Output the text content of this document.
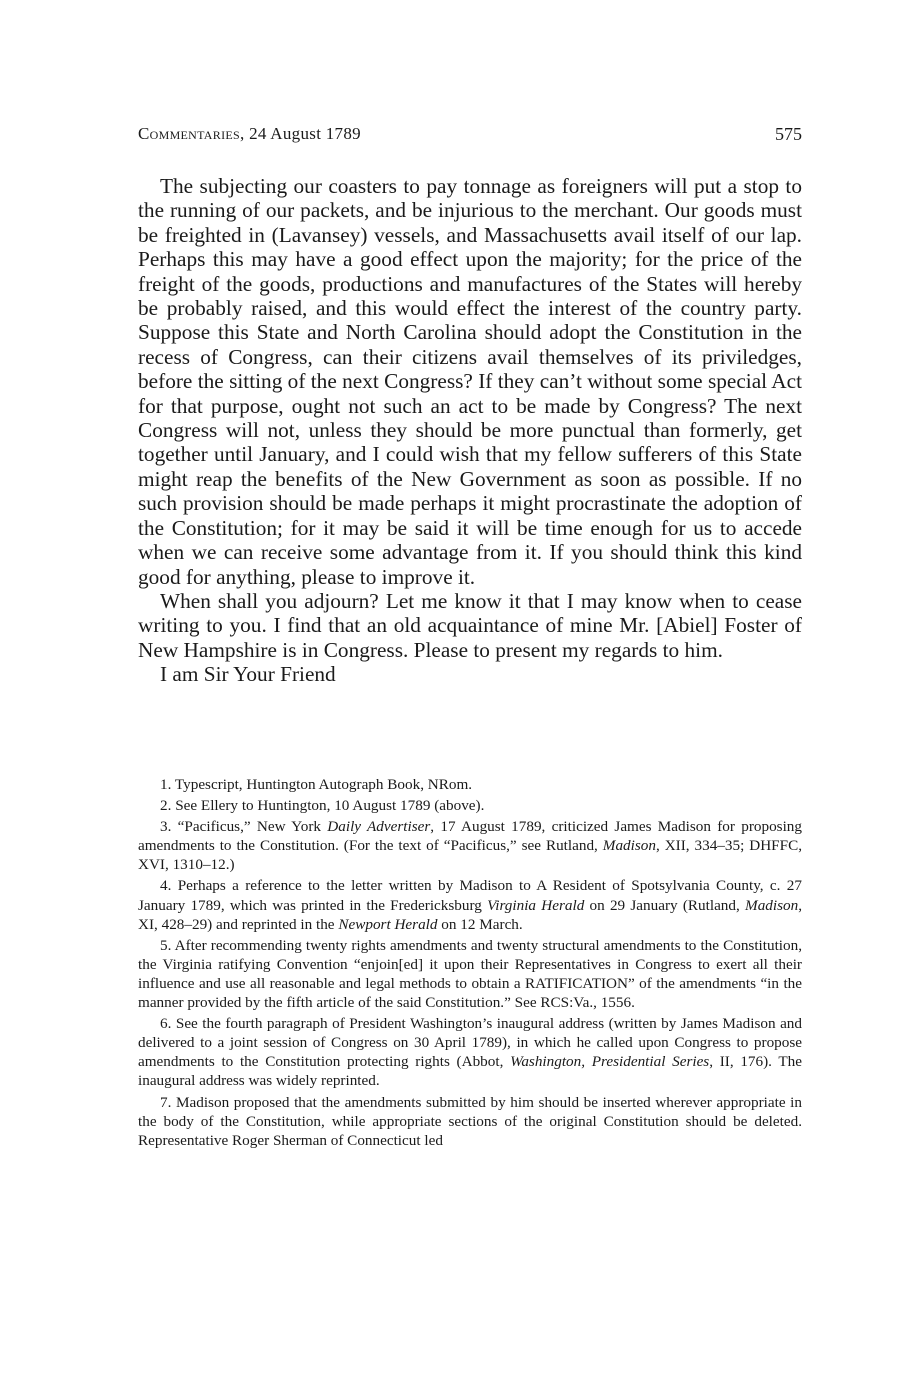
Commentaries, 24 August 1789	575

The subjecting our coasters to pay tonnage as foreigners will put a stop to the running of our packets, and be injurious to the merchant. Our goods must be freighted in (Lavansey) vessels, and Massachusetts avail itself of our lap. Perhaps this may have a good effect upon the majority; for the price of the freight of the goods, productions and manufactures of the States will hereby be probably raised, and this would effect the interest of the country party. Suppose this State and North Carolina should adopt the Constitution in the recess of Congress, can their citizens avail themselves of its priviledges, before the sitting of the next Congress? If they can’t without some special Act for that purpose, ought not such an act to be made by Congress? The next Congress will not, unless they should be more punctual than formerly, get together until January, and I could wish that my fellow sufferers of this State might reap the benefits of the New Government as soon as possible. If no such provision should be made perhaps it might procrastinate the adoption of the Constitution; for it may be said it will be time enough for us to accede when we can receive some advantage from it. If you should think this kind good for anything, please to improve it.

When shall you adjourn? Let me know it that I may know when to cease writing to you. I find that an old acquaintance of mine Mr. [Abiel] Foster of New Hampshire is in Congress. Please to present my regards to him.

I am Sir Your Friend

1. Typescript, Huntington Autograph Book, NRom.

2. See Ellery to Huntington, 10 August 1789 (above).

3. “Pacificus,” New York Daily Advertiser, 17 August 1789, criticized James Madison for proposing amendments to the Constitution. (For the text of “Pacificus,” see Rutland, Madison, XII, 334–35; DHFFC, XVI, 1310–12.)

4. Perhaps a reference to the letter written by Madison to A Resident of Spotsylvania County, c. 27 January 1789, which was printed in the Fredericksburg Virginia Herald on 29 January (Rutland, Madison, XI, 428–29) and reprinted in the Newport Herald on 12 March.

5. After recommending twenty rights amendments and twenty structural amendments to the Constitution, the Virginia ratifying Convention “enjoin[ed] it upon their Representatives in Congress to exert all their influence and use all reasonable and legal methods to obtain a RATIFICATION” of the amendments “in the manner provided by the fifth article of the said Constitution.” See RCS:Va., 1556.

6. See the fourth paragraph of President Washington’s inaugural address (written by James Madison and delivered to a joint session of Congress on 30 April 1789), in which he called upon Congress to propose amendments to the Constitution protecting rights (Abbot, Washington, Presidential Series, II, 176). The inaugural address was widely reprinted.

7. Madison proposed that the amendments submitted by him should be inserted wherever appropriate in the body of the Constitution, while appropriate sections of the original Constitution should be deleted. Representative Roger Sherman of Connecticut led
